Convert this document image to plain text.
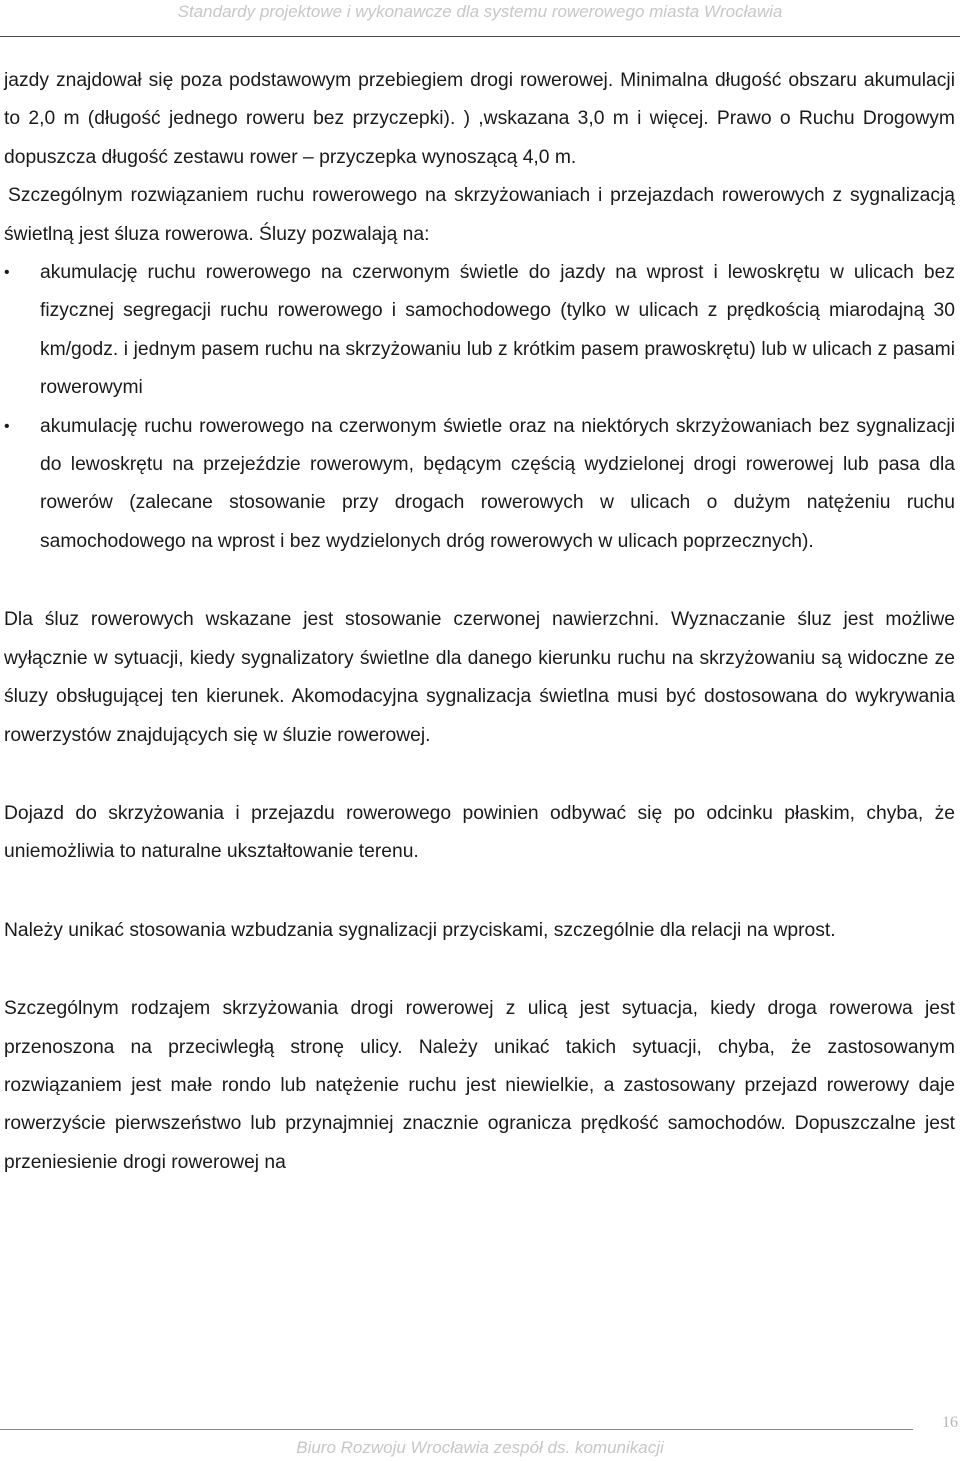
Standardy projektowe i wykonawcze dla systemu rowerowego miasta Wrocławia

jazdy znajdował się poza podstawowym przebiegiem drogi rowerowej. Minimalna długość obszaru akumulacji to 2,0 m (długość jednego roweru bez przyczepki). ) ,wskazana 3,0 m i więcej. Prawo o Ruchu Drogowym dopuszcza długość zestawu rower – przyczepka wynoszącą 4,0 m.

Szczególnym rozwiązaniem ruchu rowerowego na skrzyżowaniach i przejazdach rowerowych z sygnalizacją świetlną jest śluza rowerowa. Śluzy pozwalają na:

•	akumulację ruchu rowerowego na czerwonym świetle do jazdy na wprost i lewoskrętu w ulicach bez fizycznej segregacji ruchu rowerowego i samochodowego (tylko w ulicach z prędkością miarodajną 30 km/godz. i jednym pasem ruchu na skrzyżowaniu lub z krótkim pasem prawoskrętu) lub w ulicach z pasami rowerowymi
•	akumulację ruchu rowerowego na czerwonym świetle oraz na niektórych skrzyżowaniach bez sygnalizacji do lewoskrętu na przejeździe rowerowym, będącym częścią wydzielonej drogi rowerowej lub pasa dla rowerów (zalecane stosowanie przy drogach rowerowych w ulicach o dużym natężeniu ruchu samochodowego na wprost i bez wydzielonych dróg rowerowych w ulicach poprzecznych).

Dla śluz rowerowych wskazane jest stosowanie czerwonej nawierzchni. Wyznaczanie śluz jest możliwe wyłącznie w sytuacji, kiedy sygnalizatory świetlne dla danego kierunku ruchu na skrzyżowaniu są widoczne ze śluzy obsługującej ten kierunek. Akomodacyjna sygnalizacja świetlna musi być dostosowana do wykrywania rowerzystów znajdujących się w śluzie rowerowej.

Dojazd do skrzyżowania i przejazdu rowerowego powinien odbywać się po odcinku płaskim, chyba, że uniemożliwia to naturalne ukształtowanie terenu.

Należy unikać stosowania wzbudzania sygnalizacji przyciskami, szczególnie dla relacji na wprost.

Szczególnym rodzajem skrzyżowania drogi rowerowej z ulicą jest sytuacja, kiedy droga rowerowa jest przenoszona na przeciwległą stronę ulicy. Należy unikać takich sytuacji, chyba, że zastosowanym rozwiązaniem jest małe rondo lub natężenie ruchu jest niewielkie, a zastosowany przejazd rowerowy daje rowerzyście pierwszeństwo lub przynajmniej znacznie ogranicza prędkość samochodów. Dopuszczalne jest przeniesienie drogi rowerowej na

16
Biuro Rozwoju Wrocławia zespół ds. komunikacji
